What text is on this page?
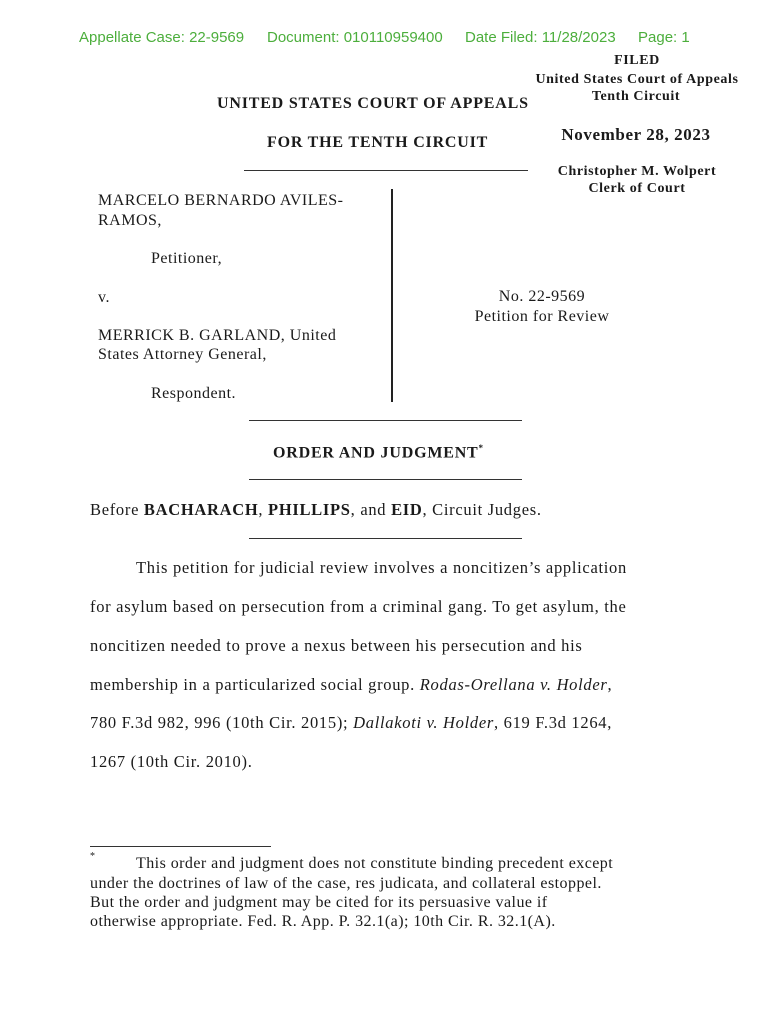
Appellate Case: 22-9569 Document: 010110959400 Date Filed: 11/28/2023 Page: 1
FILED
United States Court of Appeals
Tenth Circuit
November 28, 2023
Christopher M. Wolpert
Clerk of Court
UNITED STATES COURT OF APPEALS
FOR THE TENTH CIRCUIT
MARCELO BERNARDO AVILES-
RAMOS,
Petitioner,
v.
MERRICK B. GARLAND, United
States Attorney General,
Respondent.
No. 22-9569
Petition for Review
ORDER AND JUDGMENT*
Before BACHARACH, PHILLIPS, and EID, Circuit Judges.
This petition for judicial review involves a noncitizen’s application
for asylum based on persecution from a criminal gang. To get asylum, the
noncitizen needed to prove a nexus between his persecution and his
membership in a particularized social group. Rodas-Orellana v. Holder,
780 F.3d 982, 996 (10th Cir. 2015); Dallakoti v. Holder, 619 F.3d 1264,
1267 (10th Cir. 2010).
*	This order and judgment does not constitute binding precedent except
under the doctrines of law of the case, res judicata, and collateral estoppel.
But the order and judgment may be cited for its persuasive value if
otherwise appropriate. Fed. R. App. P. 32.1(a); 10th Cir. R. 32.1(A).
